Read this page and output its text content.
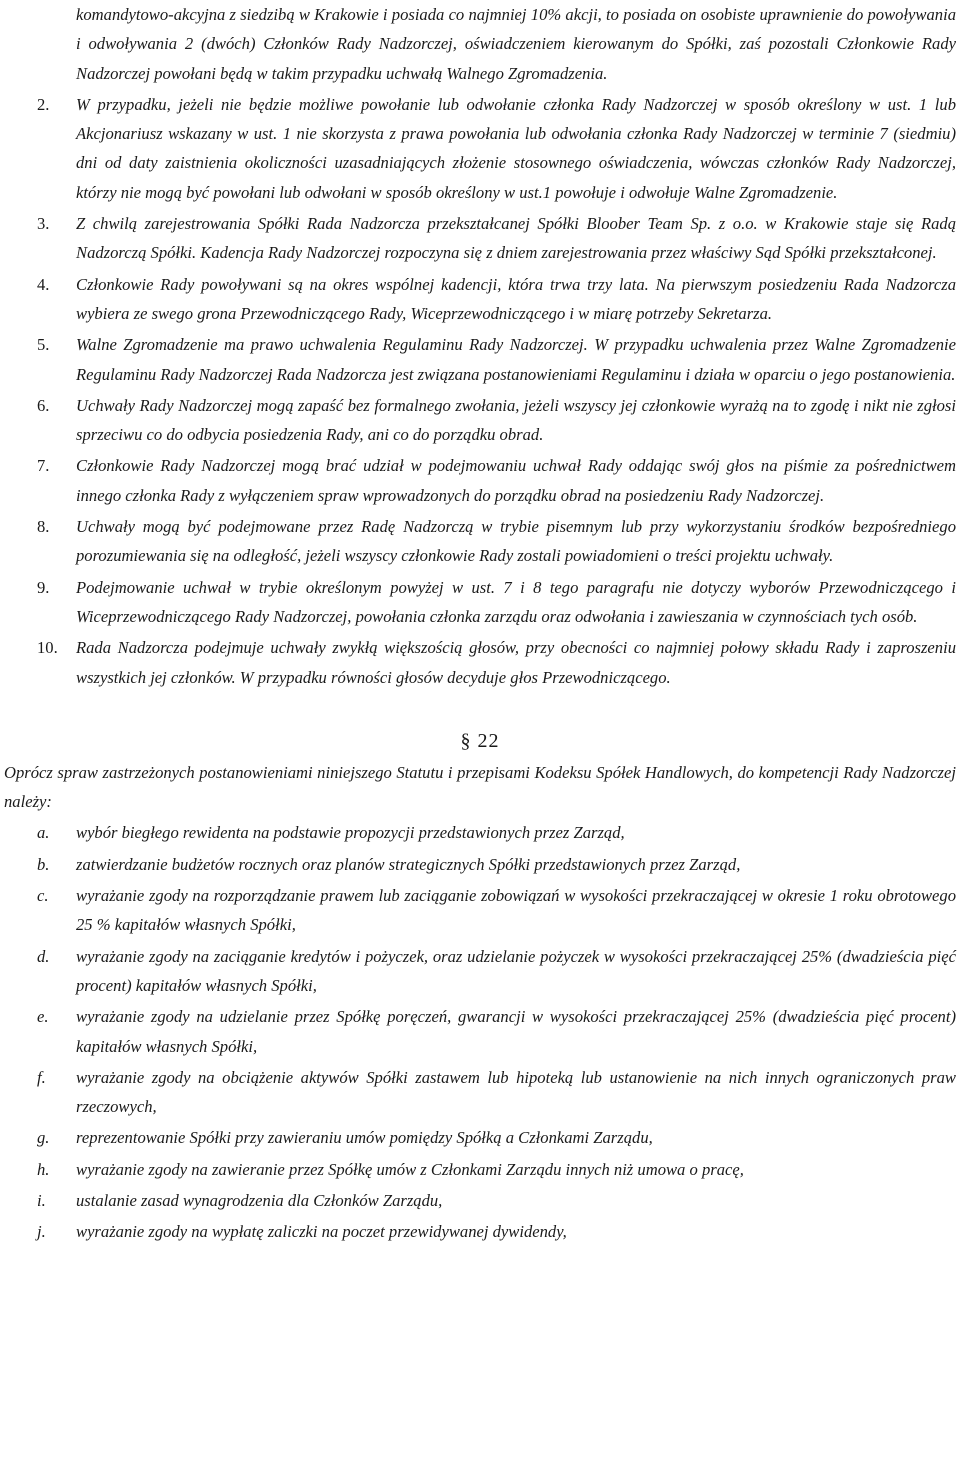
komandytowo-akcyjna z siedzibą w Krakowie i posiada co najmniej 10% akcji, to posiada on osobiste uprawnienie do powoływania i odwoływania 2 (dwóch) Członków Rady Nadzorczej, oświadczeniem kierowanym do Spółki, zaś pozostali Członkowie Rady Nadzorczej powołani będą w takim przypadku uchwałą Walnego Zgromadzenia.

2. W przypadku, jeżeli nie będzie możliwe powołanie lub odwołanie członka Rady Nadzorczej w sposób określony w ust. 1 lub Akcjonariusz wskazany w ust. 1 nie skorzysta z prawa powołania lub odwołania członka Rady Nadzorczej w terminie 7 (siedmiu) dni od daty zaistnienia okoliczności uzasadniających złożenie stosownego oświadczenia, wówczas członków Rady Nadzorczej, którzy nie mogą być powołani lub odwołani w sposób określony w ust.1 powołuje i odwołuje Walne Zgromadzenie.

3. Z chwilą zarejestrowania Spółki Rada Nadzorcza przekształcanej Spółki Bloober Team Sp. z o.o. w Krakowie staje się Radą Nadzorczą Spółki. Kadencja Rady Nadzorczej rozpoczyna się z dniem zarejestrowania przez właściwy Sąd Spółki przekształconej.

4. Członkowie Rady powoływani są na okres wspólnej kadencji, która trwa trzy lata. Na pierwszym posiedzeniu Rada Nadzorcza wybiera ze swego grona Przewodniczącego Rady, Wiceprzewodniczącego i w miarę potrzeby Sekretarza.

5. Walne Zgromadzenie ma prawo uchwalenia Regulaminu Rady Nadzorczej. W przypadku uchwalenia przez Walne Zgromadzenie Regulaminu Rady Nadzorczej Rada Nadzorcza jest związana postanowieniami Regulaminu i działa w oparciu o jego postanowienia.

6. Uchwały Rady Nadzorczej mogą zapaść bez formalnego zwołania, jeżeli wszyscy jej członkowie wyrażą na to zgodę i nikt nie zgłosi sprzeciwu co do odbycia posiedzenia Rady, ani co do porządku obrad.

7. Członkowie Rady Nadzorczej mogą brać udział w podejmowaniu uchwał Rady oddając swój głos na piśmie za pośrednictwem innego członka Rady z wyłączeniem spraw wprowadzonych do porządku obrad na posiedzeniu Rady Nadzorczej.

8. Uchwały mogą być podejmowane przez Radę Nadzorczą w trybie pisemnym lub przy wykorzystaniu środków bezpośredniego porozumiewania się na odległość, jeżeli wszyscy członkowie Rady zostali powiadomieni o treści projektu uchwały.

9. Podejmowanie uchwał w trybie określonym powyżej w ust. 7 i 8 tego paragrafu nie dotyczy wyborów Przewodniczącego i Wiceprzewodniczącego Rady Nadzorczej, powołania członka zarządu oraz odwołania i zawieszania w czynnościach tych osób.

10. Rada Nadzorcza podejmuje uchwały zwykłą większością głosów, przy obecności co najmniej połowy składu Rady i zaproszeniu wszystkich jej członków. W przypadku równości głosów decyduje głos Przewodniczącego.

§ 22

Oprócz spraw zastrzeżonych postanowieniami niniejszego Statutu i przepisami Kodeksu Spółek Handlowych, do kompetencji Rady Nadzorczej należy:

a. wybór biegłego rewidenta na podstawie propozycji przedstawionych przez Zarząd,

b. zatwierdzanie budżetów rocznych oraz planów strategicznych Spółki przedstawionych przez Zarząd,

c. wyrażanie zgody na rozporządzanie prawem lub zaciąganie zobowiązań w wysokości przekraczającej w okresie 1 roku obrotowego 25 % kapitałów własnych Spółki,

d. wyrażanie zgody na zaciąganie kredytów i pożyczek, oraz udzielanie pożyczek w wysokości przekraczającej 25% (dwadzieścia pięć procent) kapitałów własnych Spółki,

e. wyrażanie zgody na udzielanie przez Spółkę poręczeń, gwarancji w wysokości przekraczającej 25% (dwadzieścia pięć procent) kapitałów własnych Spółki,

f. wyrażanie zgody na obciążenie aktywów Spółki zastawem lub hipoteką lub ustanowienie na nich innych ograniczonych praw rzeczowych,

g. reprezentowanie Spółki przy zawieraniu umów pomiędzy Spółką a Członkami Zarządu,

h. wyrażanie zgody na zawieranie przez Spółkę umów z Członkami Zarządu innych niż umowa o pracę,

i. ustalanie zasad wynagrodzenia dla Członków Zarządu,

j. wyrażanie zgody na wypłatę zaliczki na poczet przewidywanej dywidendy,
